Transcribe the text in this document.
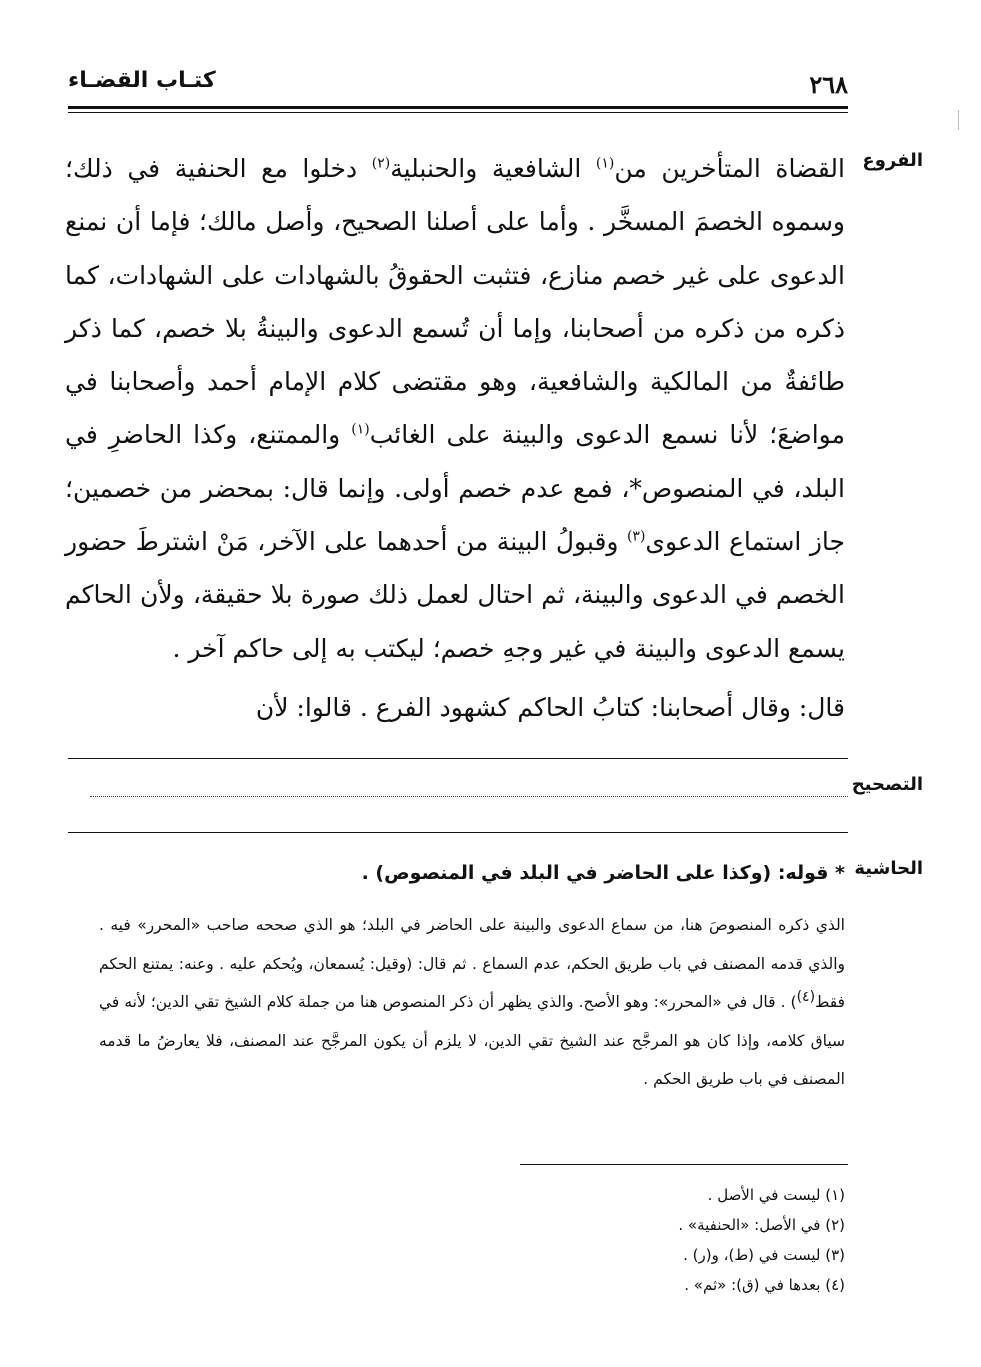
٢٦٨
كتـاب القضـاء
الفروع

القضاة المتأخرين من$^{(١)}$ الشافعية والحنبلية$^{(٢)}$ دخلوا مع الحنفية في ذلك؛ وسموه الخصمَ المسخَّر . وأما على أصلنا الصحيح، وأصل مالك؛ فإما أن نمنع الدعوى على غير خصم منازع، فتثبت الحقوقُ بالشهادات على الشهادات، كما ذكره من ذكره من أصحابنا، وإما أن تُسمع الدعوى والبينةُ بلا خصم، كما ذكر طائفةٌ من المالكية والشافعية، وهو مقتضى كلام الإمام أحمد وأصحابنا في مواضعَ؛ لأنا نسمع الدعوى والبينة على الغائب$^{(١)}$ والممتنع، وكذا الحاضرِ في البلد، في المنصوص*، فمع عدم خصم أولى. وإنما قال: بمحضر من خصمين؛ جاز استماع الدعوى$^{(٣)}$ وقبولُ البينة من أحدهما على الآخر، مَنْ اشترطَ حضور الخصم في الدعوى والبينة، ثم احتال لعمل ذلك صورة بلا حقيقة، ولأن الحاكم يسمع الدعوى والبينة في غير وجهِ خصم؛ ليكتب به إلى حاكم آخر .

قال: وقال أصحابنا: كتابُ الحاكم كشهود الفرع . قالوا: لأن

التصحيح
الحاشية
* قوله: (وكذا على الحاضر في البلد في المنصوص) .
الذي ذكره المنصوصَ هنا، من سماع الدعوى والبينة على الحاضر في البلد؛ هو الذي صححه صاحب «المحرر» فيه . والذي قدمه المصنف في باب طريق الحكم، عدم السماع . ثم قال: (وقيل: يُسمعان، ويُحكم عليه . وعنه: يمتنع الحكم فقط$^{(٤)}$) . قال في «المحرر»: وهو الأصح. والذي يظهر أن ذكر المنصوص هنا من جملة كلام الشيخ تقي الدين؛ لأنه في سياق كلامه، وإذا كان هو المرجَّح عند الشيخ تقي الدين، لا يلزم أن يكون المرجَّح عند المصنف، فلا يعارضُ ما قدمه المصنف في باب طريق الحكم .
(١) ليست في الأصل .
(٢) في الأصل: «الحنفية» .
(٣) ليست في (ط)، و(ر) .
(٤) بعدها في (ق): «ثم» .
